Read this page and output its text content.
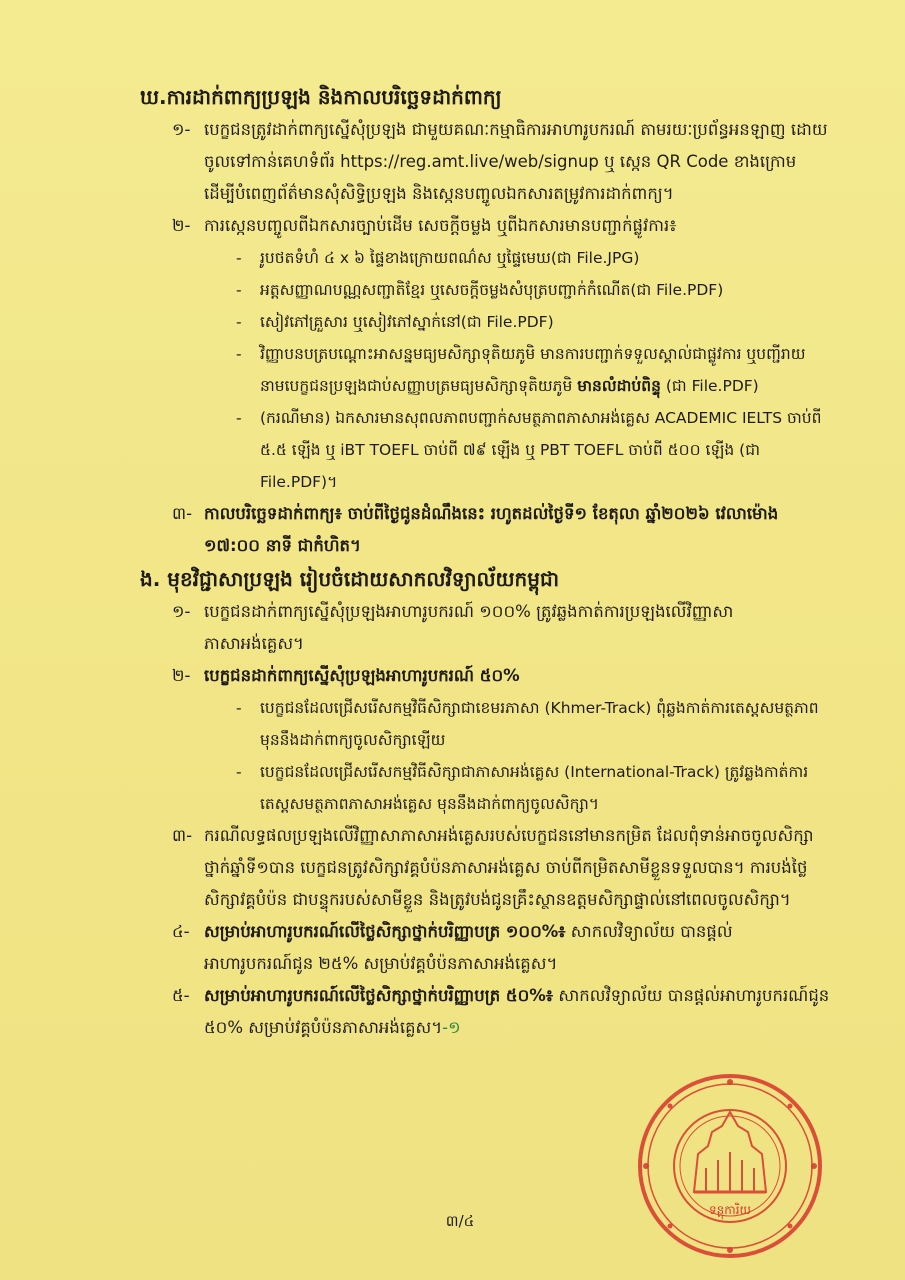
ឃ.ការដាក់ពាក្យប្រឡង និងកាលបរិច្ឆេទដាក់ពាក្យ

១- បេក្ខជនត្រូវដាក់ពាក្យស្នើសុំប្រឡង ជាមួយគណៈកម្មាធិការអាហារូបករណ៍ តាមរយៈប្រព័ន្ធអនឡាញ ដោយចូលទៅកាន់គេហទំព័រ https://reg.amt.live/web/signup ឬ ស្កេន QR Code ខាងក្រោម ដើម្បីបំពេញព័ត៌មានសុំសិទ្ធិប្រឡង និងស្កេនបញ្ចូលឯកសារតម្រូវការដាក់ពាក្យ។
២- ការស្កេនបញ្ចូលពីឯកសារច្បាប់ដើម សេចក្តីចម្លង ឬពីឯកសារមានបញ្ជាក់ផ្លូវការ៖
-	រូបថតទំហំ ៤ x ៦ ផ្ទៃខាងក្រោយពណ៌ស ឬផ្ទៃមេឃ(ជា File.JPG)
-	អត្តសញ្ញាណបណ្ណសញ្ជាតិខ្មែរ ឬសេចក្តីចម្លងសំបុត្របញ្ជាក់កំណើត(ជា File.PDF)
-	សៀវភៅគ្រួសារ ឬសៀវភៅស្នាក់នៅ(ជា File.PDF)
-	វិញ្ញាបនបត្របណ្តោះអាសន្នមធ្យមសិក្សាទុតិយភូមិ មានការបញ្ជាក់ទទួលស្គាល់ជាផ្លូវការ ឬបញ្ជីរាយនាមបេក្ខជនប្រឡងជាប់សញ្ញាបត្រមធ្យមសិក្សាទុតិយភូមិ មានលំដាប់ពិន្ទុ (ជា File.PDF)
-	(ករណីមាន) ឯកសារមានសុពលភាពបញ្ជាក់សមត្ថភាពភាសាអង់គ្លេស ACADEMIC IELTS ចាប់ពី ៥.៥ ឡើង ឬ iBT TOEFL ចាប់ពី ៧៩ ឡើង ឬ PBT TOEFL ចាប់ពី ៥០០ ឡើង (ជា File.PDF)។
៣- កាលបរិច្ឆេទដាក់ពាក្យ៖ ចាប់ពីថ្ងៃជូនដំណឹងនេះ រហូតដល់ថ្ងៃទី១ ខែតុលា ឆ្នាំ២០២៦ វេលាម៉ោង ១៧:០០ នាទី ជាកំហិត។

ង. មុខវិជ្ជាសាប្រឡង រៀបចំដោយសាកលវិទ្យាល័យកម្ពុជា

១- បេក្ខជនដាក់ពាក្យស្នើសុំប្រឡងអាហារូបករណ៍ ១០០% ត្រូវឆ្លងកាត់ការប្រឡងលើវិញ្ញាសាភាសាអង់គ្លេស។
២- បេក្ខជនដាក់ពាក្យស្នើសុំប្រឡងអាហារូបករណ៍ ៥០%
-	បេក្ខជនដែលជ្រើសរើសកម្មវិធីសិក្សាជាខេមរភាសា (Khmer-Track) ពុំឆ្លងកាត់ការតេស្តសមត្ថភាព មុននឹងដាក់ពាក្យចូលសិក្សាឡើយ
-	បេក្ខជនដែលជ្រើសរើសកម្មវិធីសិក្សាជាភាសាអង់គ្លេស (International-Track) ត្រូវឆ្លងកាត់ការតេស្តសមត្ថភាពភាសាអង់គ្លេស មុននឹងដាក់ពាក្យចូលសិក្សា។
៣- ករណីលទ្ធផលប្រឡងលើវិញ្ញាសាភាសាអង់គ្លេសរបស់បេក្ខជននៅមានកម្រិត ដែលពុំទាន់អាចចូលសិក្សាថ្នាក់ឆ្នាំទី១បាន បេក្ខជនត្រូវសិក្សាវគ្គបំប៉នភាសាអង់គ្លេស ចាប់ពីកម្រិតសាមីខ្លួនទទួលបាន។ ការបង់ថ្លៃសិក្សាវគ្គបំប៉ន ជាបន្ទុករបស់សាមីខ្លួន និងត្រូវបង់ជូនគ្រឹះស្ថានឧត្តមសិក្សាផ្ទាល់នៅពេលចូលសិក្សា។
៤- សម្រាប់អាហារូបករណ៍លើថ្លៃសិក្សាថ្នាក់បរិញ្ញាបត្រ ១០០%៖ សាកលវិទ្យាល័យ បានផ្តល់អាហារូបករណ៍ជូន ២៥% សម្រាប់វគ្គបំប៉នភាសាអង់គ្លេស។
៥- សម្រាប់អាហារូបករណ៍លើថ្លៃសិក្សាថ្នាក់បរិញ្ញាបត្រ ៥០%៖ សាកលវិទ្យាល័យ បានផ្តល់អាហារូបករណ៍ជូន ៥០% សម្រាប់វគ្គបំប៉នភាសាអង់គ្លេស។-១
៣/៤
ទន្តុការិយ
